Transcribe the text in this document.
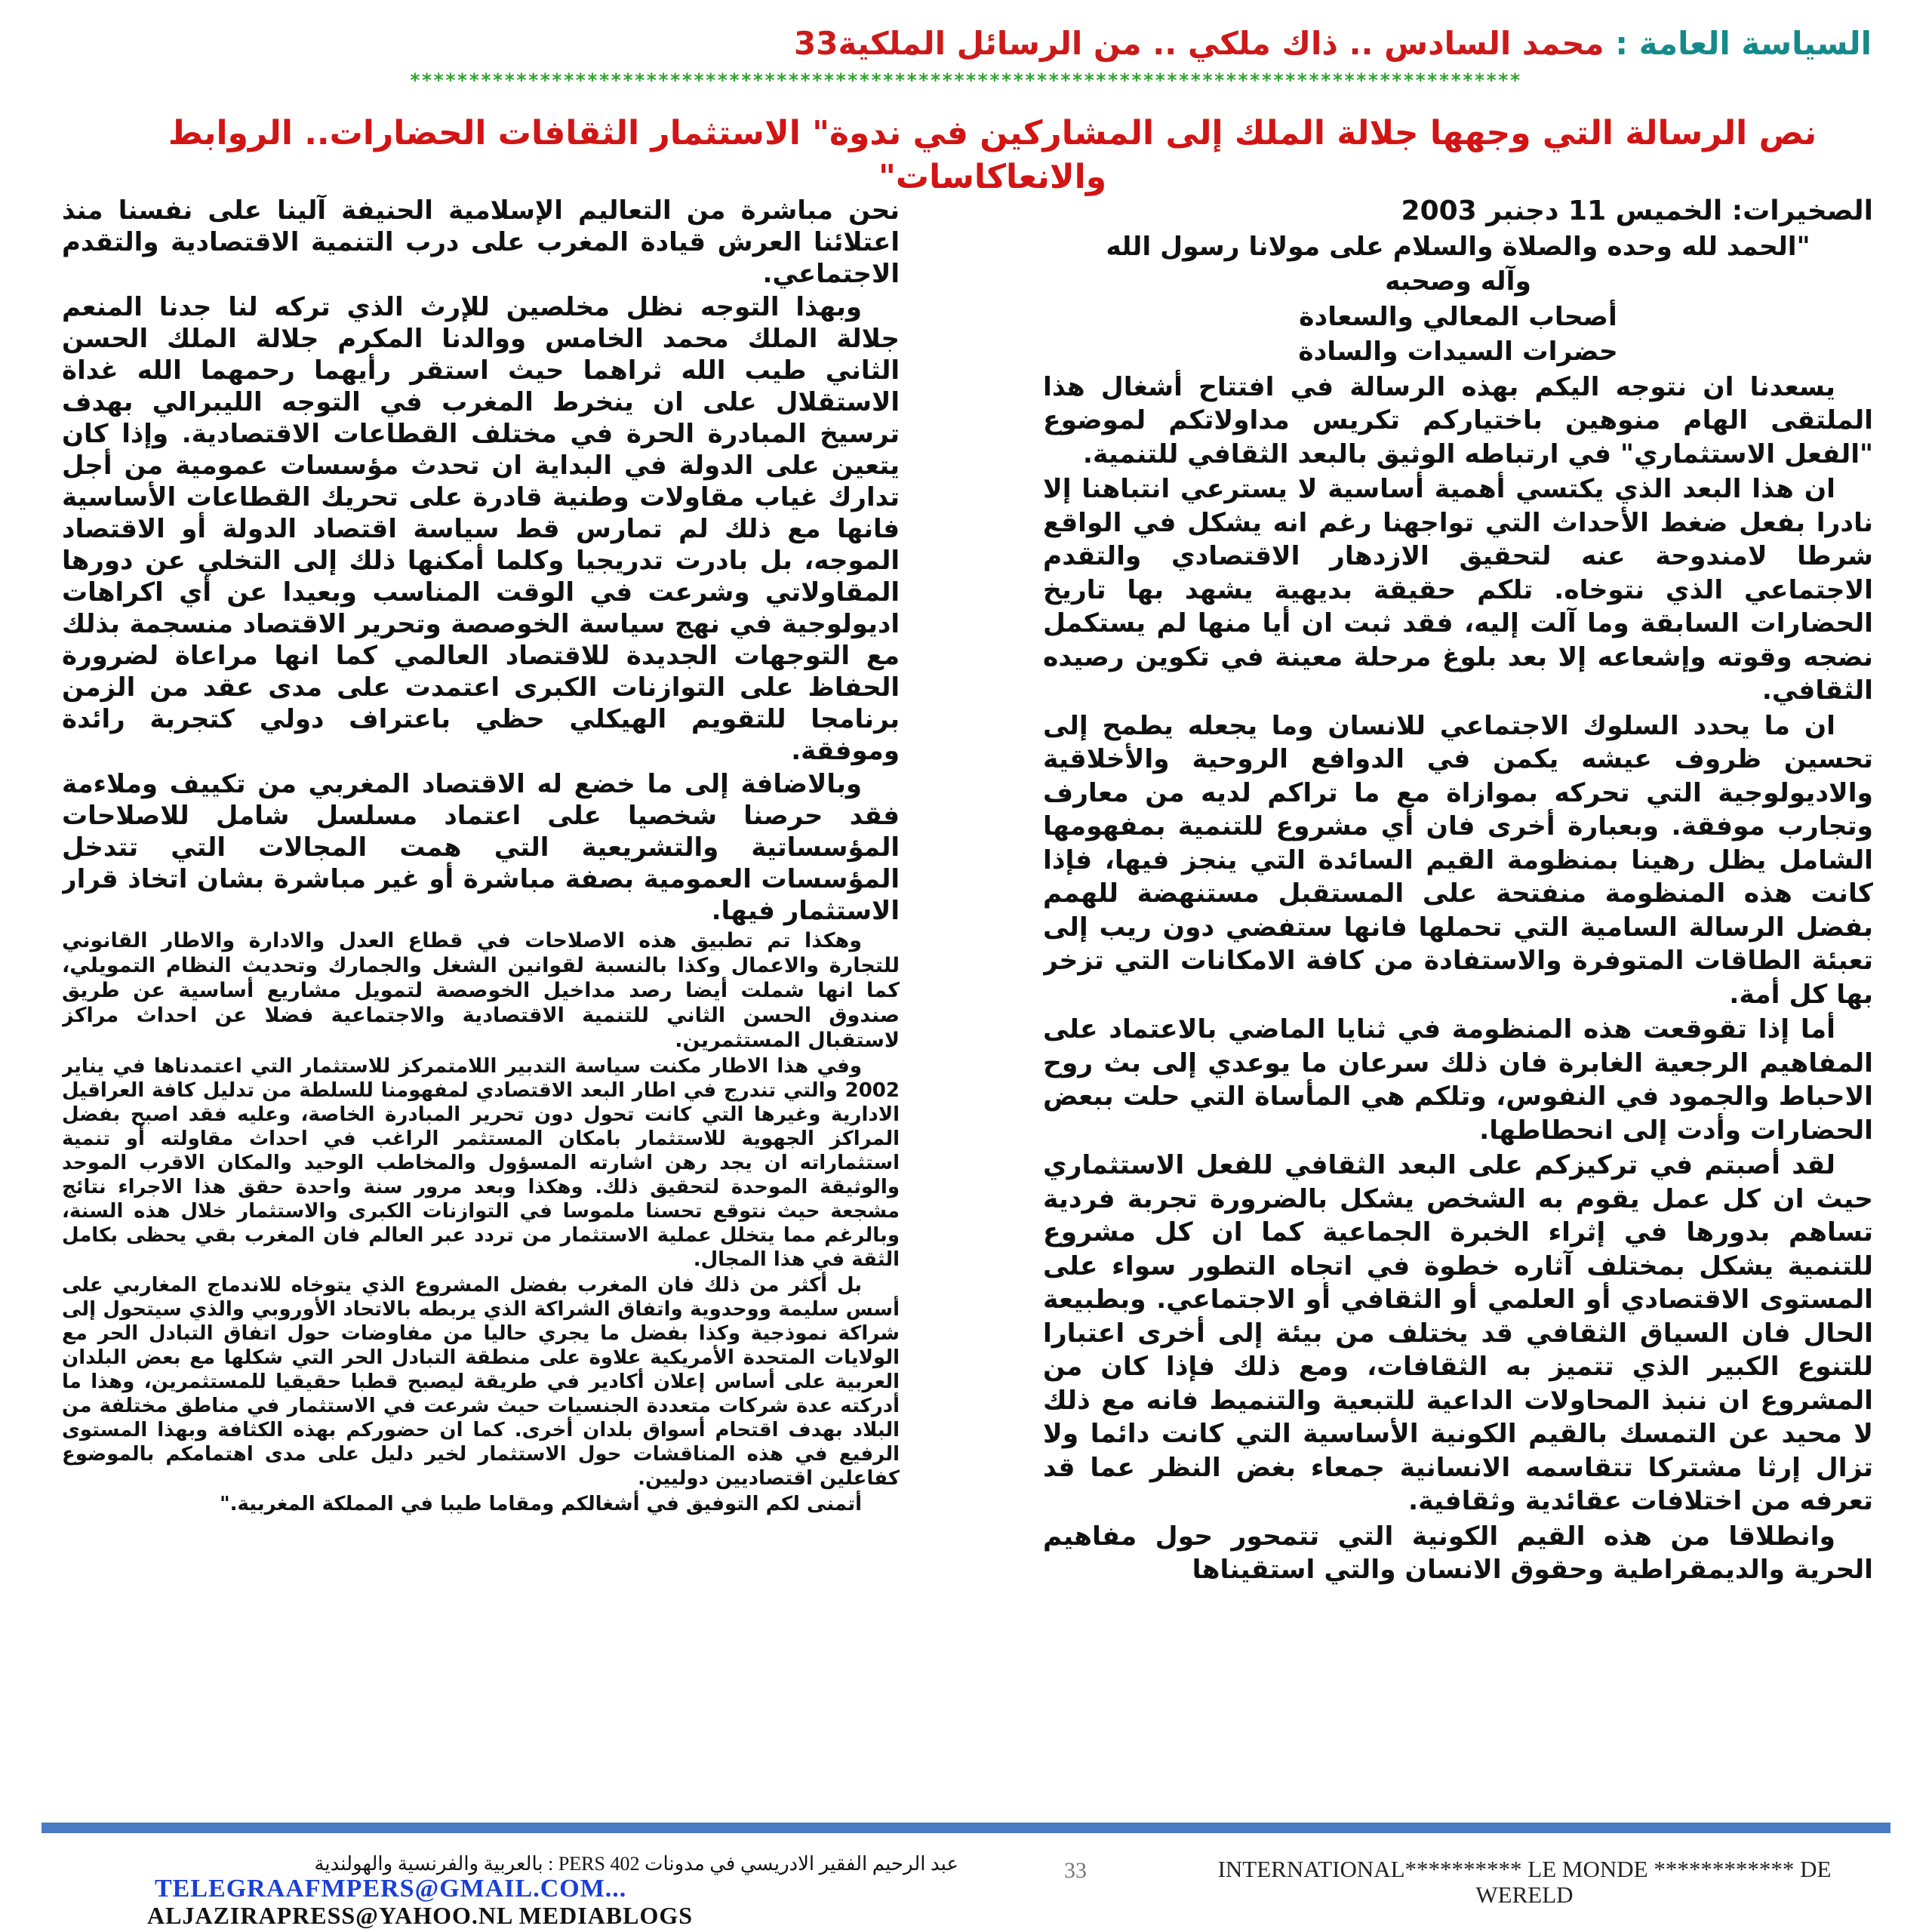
السياسة العامة : محمد السادس .. ذاك ملكي .. من الرسائل الملكية33
**********************************************************************************************
نص الرسالة التي وجهها جلالة الملك إلى المشاركين في ندوة" الاستثمار الثقافات الحضارات.. الروابط والانعاكاسات"

الصخيرات: الخميس 11 دجنبر 2003

"الحمد لله وحده والصلاة والسلام على مولانا رسول الله

وآله وصحبه

أصحاب المعالي والسعادة

حضرات السيدات والسادة

يسعدنا ان نتوجه اليكم بهذه الرسالة في افتتاح أشغال هذا الملتقى الهام منوهين باختياركم تكريس مداولاتكم لموضوع "الفعل الاستثماري" في ارتباطه الوثيق بالبعد الثقافي للتنمية.

ان هذا البعد الذي يكتسي أهمية أساسية لا يسترعي انتباهنا إلا نادرا بفعل ضغط الأحداث التي تواجهنا رغم انه يشكل في الواقع شرطا لامندوحة عنه لتحقيق الازدهار الاقتصادي والتقدم الاجتماعي الذي نتوخاه. تلكم حقيقة بديهية يشهد بها تاريخ الحضارات السابقة وما آلت إليه، فقد ثبت ان أيا منها لم يستكمل نضجه وقوته وإشعاعه إلا بعد بلوغ مرحلة معينة في تكوين رصيده الثقافي.

ان ما يحدد السلوك الاجتماعي للانسان وما يجعله يطمح إلى تحسين ظروف عيشه يكمن في الدوافع الروحية والأخلاقية والاديولوجية التي تحركه بموازاة مع ما تراكم لديه من معارف وتجارب موفقة. وبعبارة أخرى فان أي مشروع للتنمية بمفهومها الشامل يظل رهينا بمنظومة القيم السائدة التي ينجز فيها، فإذا كانت هذه المنظومة منفتحة على المستقبل مستنهضة للهمم بفضل الرسالة السامية التي تحملها فانها ستفضي دون ريب إلى تعبئة الطاقات المتوفرة والاستفادة من كافة الامكانات التي تزخر بها كل أمة.

أما إذا تقوقعت هذه المنظومة في ثنايا الماضي بالاعتماد على المفاهيم الرجعية الغابرة فان ذلك سرعان ما يوعدي إلى بث روح الاحباط والجمود في النفوس، وتلكم هي المأساة التي حلت ببعض الحضارات وأدت إلى انحطاطها.

لقد أصبتم في تركيزكم على البعد الثقافي للفعل الاستثماري حيث ان كل عمل يقوم به الشخص يشكل بالضرورة تجربة فردية تساهم بدورها في إثراء الخبرة الجماعية كما ان كل مشروع للتنمية يشكل بمختلف آثاره خطوة في اتجاه التطور سواء على المستوى الاقتصادي أو العلمي أو الثقافي أو الاجتماعي. وبطبيعة الحال فان السياق الثقافي قد يختلف من بيئة إلى أخرى اعتبارا للتنوع الكبير الذي تتميز به الثقافات، ومع ذلك فإذا كان من المشروع ان ننبذ المحاولات الداعية للتبعية والتنميط فانه مع ذلك لا محيد عن التمسك بالقيم الكونية الأساسية التي كانت دائما ولا تزال إرثا مشتركا تتقاسمه الانسانية جمعاء بغض النظر عما قد تعرفه من اختلافات عقائدية وثقافية.

وانطلاقا من هذه القيم الكونية التي تتمحور حول مفاهيم الحرية والديمقراطية وحقوق الانسان والتي استقيناها

نحن مباشرة من التعاليم الإسلامية الحنيفة آلينا على نفسنا منذ اعتلائنا العرش قيادة المغرب على درب التنمية الاقتصادية والتقدم الاجتماعي.

وبهذا التوجه نظل مخلصين للإرث الذي تركه لنا جدنا المنعم جلالة الملك محمد الخامس ووالدنا المكرم جلالة الملك الحسن الثاني طيب الله ثراهما حيث استقر رأيهما رحمهما الله غداة الاستقلال على ان ينخرط المغرب في التوجه الليبرالي بهدف ترسيخ المبادرة الحرة في مختلف القطاعات الاقتصادية. وإذا كان يتعين على الدولة في البداية ان تحدث مؤسسات عمومية من أجل تدارك غياب مقاولات وطنية قادرة على تحريك القطاعات الأساسية فانها مع ذلك لم تمارس قط سياسة اقتصاد الدولة أو الاقتصاد الموجه، بل بادرت تدريجيا وكلما أمكنها ذلك إلى التخلي عن دورها المقاولاتي وشرعت في الوقت المناسب وبعيدا عن أي اكراهات اديولوجية في نهج سياسة الخوصصة وتحرير الاقتصاد منسجمة بذلك مع التوجهات الجديدة للاقتصاد العالمي كما انها مراعاة لضرورة الحفاظ على التوازنات الكبرى اعتمدت على مدى عقد من الزمن برنامجا للتقويم الهيكلي حظي باعتراف دولي كتجربة رائدة وموفقة.

وبالاضافة إلى ما خضع له الاقتصاد المغربي من تكييف وملاءمة فقد حرصنا شخصيا على اعتماد مسلسل شامل للاصلاحات المؤسساتية والتشريعية التي همت المجالات التي تتدخل المؤسسات العمومية بصفة مباشرة أو غير مباشرة بشان اتخاذ قرار الاستثمار فيها.

وهكذا تم تطبيق هذه الاصلاحات في قطاع العدل والادارة والاطار القانوني للتجارة والاعمال وكذا بالنسبة لقوانين الشغل والجمارك وتحديث النظام التمويلي، كما انها شملت أيضا رصد مداخيل الخوصصة لتمويل مشاريع أساسية عن طريق صندوق الحسن الثاني للتنمية الاقتصادية والاجتماعية فضلا عن احداث مراكز لاستقبال المستثمرين.

وفي هذا الاطار مكنت سياسة التدبير اللامتمركز للاستثمار التي اعتمدناها في يناير 2002 والتي تندرج في اطار البعد الاقتصادي لمفهومنا للسلطة من تدليل كافة العراقيل الادارية وغيرها التي كانت تحول دون تحرير المبادرة الخاصة، وعليه فقد اصبح بفضل المراكز الجهوية للاستثمار بامكان المستثمر الراغب في احداث مقاولته أو تنمية استثماراته ان يجد رهن اشارته المسؤول والمخاطب الوحيد والمكان الاقرب الموحد والوثيقة الموحدة لتحقيق ذلك. وهكذا وبعد مرور سنة واحدة حقق هذا الاجراء نتائج مشجعة حيث نتوقع تحسنا ملموسا في التوازنات الكبرى والاستثمار خلال هذه السنة، وبالرغم مما يتخلل عملية الاستثمار من تردد عبر العالم فان المغرب بقي يحظى بكامل الثقة في هذا المجال.

بل أكثر من ذلك فان المغرب بفضل المشروع الذي يتوخاه للاندماج المغاربي على أسس سليمة ووحدوية واتفاق الشراكة الذي يربطه بالاتحاد الأوروبي والذي سيتحول إلى شراكة نموذجية وكذا بفضل ما يجري حاليا من مفاوضات حول اتفاق التبادل الحر مع الولايات المتحدة الأمريكية علاوة على منطقة التبادل الحر التي شكلها مع بعض البلدان العربية على أساس إعلان أكادير في طريقة ليصبح قطبا حقيقيا للمستثمرين، وهذا ما أدركته عدة شركات متعددة الجنسيات حيث شرعت في الاستثمار في مناطق مختلفة من البلاد بهدف اقتحام أسواق بلدان أخرى. كما ان حضوركم بهذه الكثافة وبهذا المستوى الرفيع في هذه المناقشات حول الاستثمار لخير دليل على مدى اهتمامكم بالموضوع كفاعلين اقتصاديين دوليين.

أتمنى لكم التوفيق في أشغالكم ومقاما طيبا في المملكة المغربية."

عبد الرحيم الفقير الادريسي في مدونات PERS 402 : بالعربية والفرنسية والهولندية
TELEGRAAFMPERS@GMAIL.COM...
ALJAZIRAPRESS@YAHOO.NL MEDIABLOGS
33	INTERNATIONAL********** LE MONDE ************ DE WERELD
